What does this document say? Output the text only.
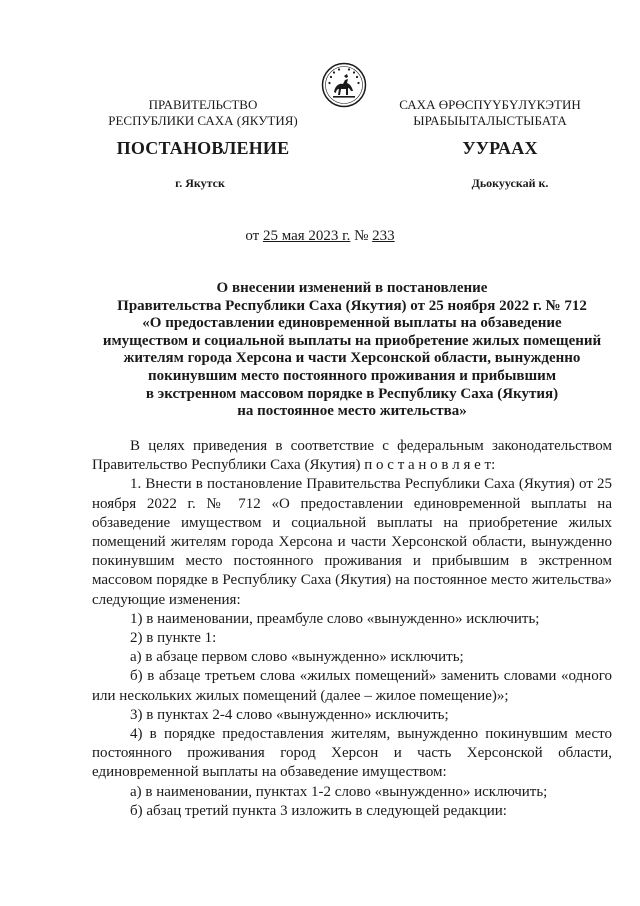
ПРАВИТЕЛЬСТВО
РЕСПУБЛИКИ САХА (ЯКУТИЯ)
САХА ӨРӨСПҮҮБҮЛҮКЭТИН
ЫРАБЫЫТАЛЫСТЫБАТА
ПОСТАНОВЛЕНИЕ	УУРААХ
г. Якутск	Дьокуускай к.
от 25 мая 2023 г. № 233
О внесении изменений в постановление
Правительства Республики Саха (Якутия) от 25 ноября 2022 г. № 712
«О предоставлении единовременной выплаты на обзаведение
имуществом и социальной выплаты на приобретение жилых помещений
жителям города Херсона и части Херсонской области, вынужденно
покинувшим место постоянного проживания и прибывшим
в экстренном массовом порядке в Республику Саха (Якутия)
на постоянное место жительства»

В целях приведения в соответствие с федеральным законодательством Правительство Республики Саха (Якутия) п о с т а н о в л я е т:

1. Внести в постановление Правительства Республики Саха (Якутия) от 25 ноября 2022 г. № 712 «О предоставлении единовременной выплаты на обзаведение имуществом и социальной выплаты на приобретение жилых помещений жителям города Херсона и части Херсонской области, вынужденно покинувшим место постоянного проживания и прибывшим в экстренном массовом порядке в Республику Саха (Якутия) на постоянное место жительства» следующие изменения:

1) в наименовании, преамбуле слово «вынужденно» исключить;

2) в пункте 1:

а) в абзаце первом слово «вынужденно» исключить;

б) в абзаце третьем слова «жилых помещений» заменить словами «одного или нескольких жилых помещений (далее – жилое помещение)»;

3) в пунктах 2-4 слово «вынужденно» исключить;

4) в порядке предоставления жителям, вынужденно покинувшим место постоянного проживания город Херсон и часть Херсонской области, единовременной выплаты на обзаведение имуществом:

а) в наименовании, пунктах 1-2 слово «вынужденно» исключить;

б) абзац третий пункта 3 изложить в следующей редакции:
